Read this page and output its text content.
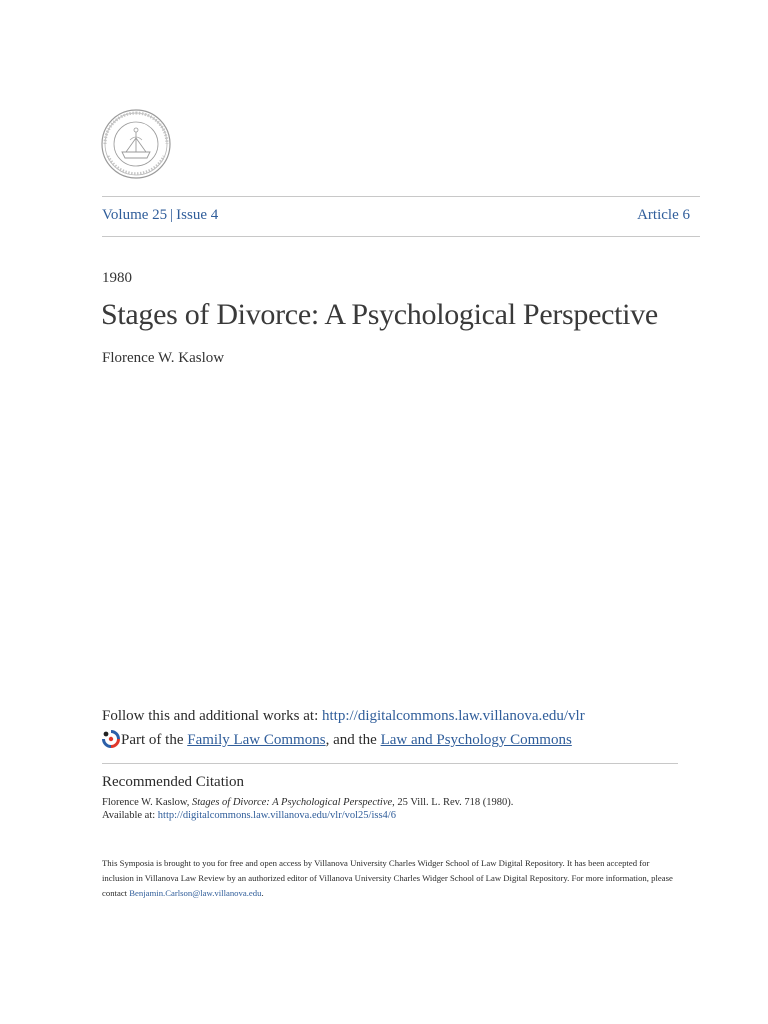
Volume 25 | Issue 4	Article 6
1980
Stages of Divorce: A Psychological Perspective
Florence W. Kaslow
Follow this and additional works at: http://digitalcommons.law.villanova.edu/vlr
Part of the Family Law Commons, and the Law and Psychology Commons
Recommended Citation
Florence W. Kaslow, Stages of Divorce: A Psychological Perspective, 25 Vill. L. Rev. 718 (1980).
Available at: http://digitalcommons.law.villanova.edu/vlr/vol25/iss4/6
This Symposia is brought to you for free and open access by Villanova University Charles Widger School of Law Digital Repository. It has been accepted for inclusion in Villanova Law Review by an authorized editor of Villanova University Charles Widger School of Law Digital Repository. For more information, please contact Benjamin.Carlson@law.villanova.edu.
